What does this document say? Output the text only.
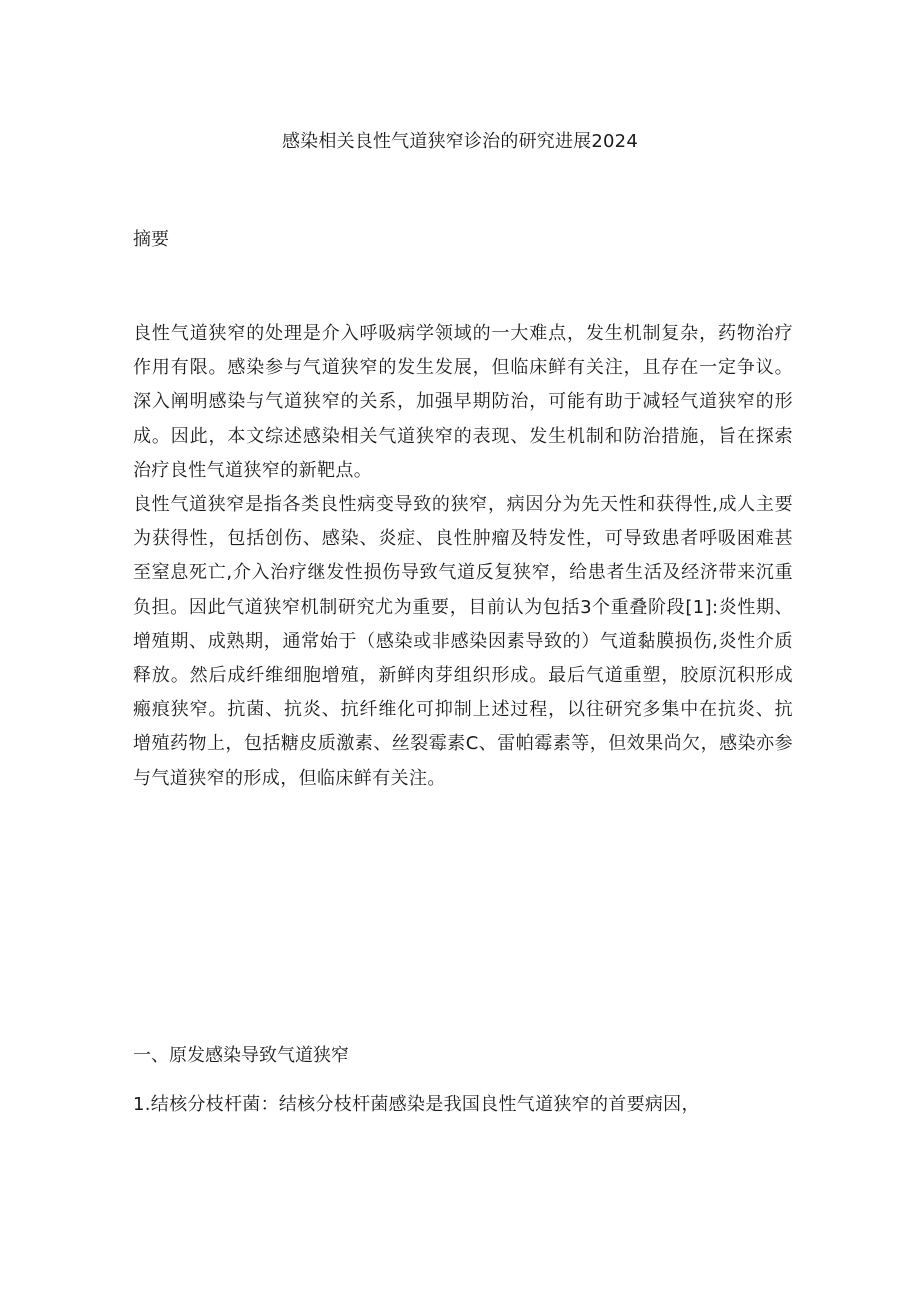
感染相关良性气道狭窄诊治的研究进展2024
摘要

良性气道狭窄的处理是介入呼吸病学领域的一大难点，发生机制复杂，药物治疗作用有限。感染参与气道狭窄的发生发展，但临床鲜有关注，且存在一定争议。深入阐明感染与气道狭窄的关系，加强早期防治，可能有助于减轻气道狭窄的形成。因此，本文综述感染相关气道狭窄的表现、发生机制和防治措施，旨在探索治疗良性气道狭窄的新靶点。

良性气道狭窄是指各类良性病变导致的狭窄，病因分为先天性和获得性,成人主要为获得性，包括创伤、感染、炎症、良性肿瘤及特发性，可导致患者呼吸困难甚至窒息死亡,介入治疗继发性损伤导致气道反复狭窄，给患者生活及经济带来沉重负担。因此气道狭窄机制研究尤为重要，目前认为包括3个重叠阶段[1]:炎性期、增殖期、成熟期，通常始于（感染或非感染因素导致的）气道黏膜损伤,炎性介质释放。然后成纤维细胞增殖，新鲜肉芽组织形成。最后气道重塑，胶原沉积形成瘢痕狭窄。抗菌、抗炎、抗纤维化可抑制上述过程，以往研究多集中在抗炎、抗增殖药物上，包括糖皮质激素、丝裂霉素C、雷帕霉素等，但效果尚欠，感染亦参与气道狭窄的形成，但临床鲜有关注。

一、原发感染导致气道狭窄
1.结核分枝杆菌：结核分枝杆菌感染是我国良性气道狭窄的首要病因，
